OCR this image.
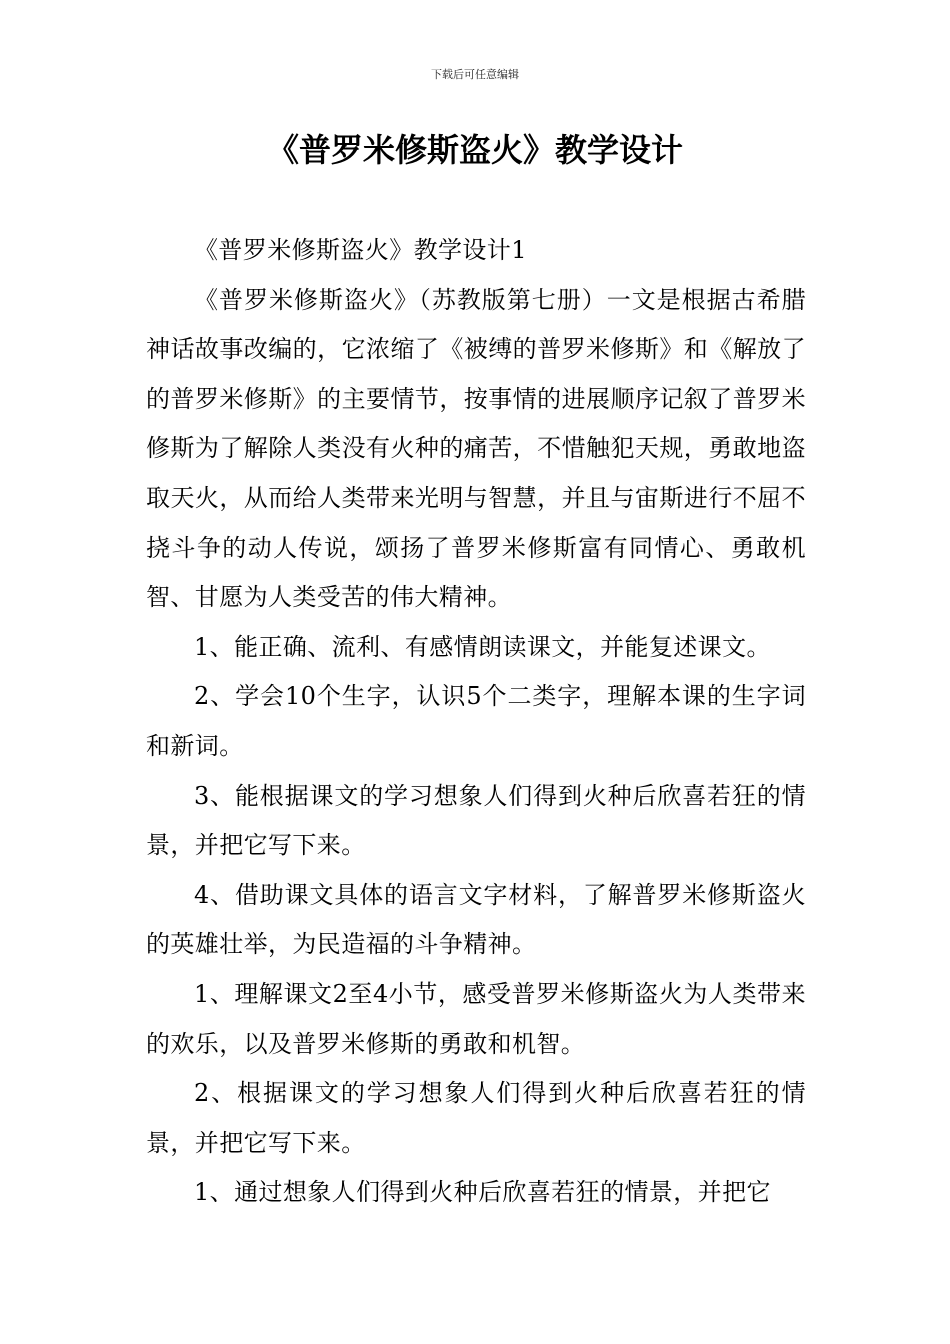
下载后可任意编辑
《普罗米修斯盗火》教学设计

《普罗米修斯盗火》教学设计1

《普罗米修斯盗火》（苏教版第七册）一文是根据古希腊神话故事改编的，它浓缩了《被缚的普罗米修斯》和《解放了的普罗米修斯》的主要情节，按事情的进展顺序记叙了普罗米修斯为了解除人类没有火种的痛苦，不惜触犯天规，勇敢地盗取天火，从而给人类带来光明与智慧，并且与宙斯进行不屈不挠斗争的动人传说，颂扬了普罗米修斯富有同情心、勇敢机智、甘愿为人类受苦的伟大精神。

1、能正确、流利、有感情朗读课文，并能复述课文。

2、学会10个生字，认识5个二类字，理解本课的生字词和新词。

3、能根据课文的学习想象人们得到火种后欣喜若狂的情景，并把它写下来。

4、借助课文具体的语言文字材料，了解普罗米修斯盗火的英雄壮举，为民造福的斗争精神。

1、理解课文2至4小节，感受普罗米修斯盗火为人类带来的欢乐，以及普罗米修斯的勇敢和机智。

2、根据课文的学习想象人们得到火种后欣喜若狂的情景，并把它写下来。

1、通过想象人们得到火种后欣喜若狂的情景，并把它
